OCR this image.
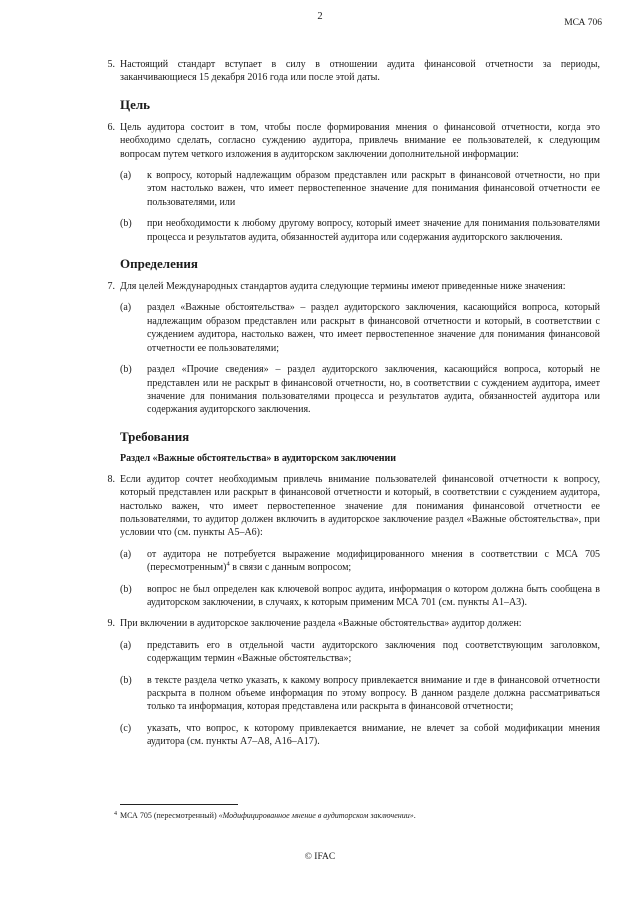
2
МСА 706
5. Настоящий стандарт вступает в силу в отношении аудита финансовой отчетности за периоды, заканчивающиеся 15 декабря 2016 года или после этой даты.
Цель
6. Цель аудитора состоит в том, чтобы после формирования мнения о финансовой отчетности, когда это необходимо сделать, согласно суждению аудитора, привлечь внимание ее пользователей, к следующим вопросам путем четкого изложения в аудиторском заключении дополнительной информации:
(a) к вопросу, который надлежащим образом представлен или раскрыт в финансовой отчетности, но при этом настолько важен, что имеет первостепенное значение для понимания финансовой отчетности ее пользователями, или
(b) при необходимости к любому другому вопросу, который имеет значение для понимания пользователями процесса и результатов аудита, обязанностей аудитора или содержания аудиторского заключения.
Определения
7. Для целей Международных стандартов аудита следующие термины имеют приведенные ниже значения:
(a) раздел «Важные обстоятельства» – раздел аудиторского заключения, касающийся вопроса, который надлежащим образом представлен или раскрыт в финансовой отчетности и который, в соответствии с суждением аудитора, настолько важен, что имеет первостепенное значение для понимания финансовой отчетности ее пользователями;
(b) раздел «Прочие сведения» – раздел аудиторского заключения, касающийся вопроса, который не представлен или не раскрыт в финансовой отчетности, но, в соответствии с суждением аудитора, имеет значение для понимания пользователями процесса и результатов аудита, обязанностей аудитора или содержания аудиторского заключения.
Требования
Раздел «Важные обстоятельства» в аудиторском заключении
8. Если аудитор сочтет необходимым привлечь внимание пользователей финансовой отчетности к вопросу, который представлен или раскрыт в финансовой отчетности и который, в соответствии с суждением аудитора, настолько важен, что имеет первостепенное значение для понимания финансовой отчетности ее пользователями, то аудитор должен включить в аудиторское заключение раздел «Важные обстоятельства», при условии что (см. пункты А5–А6):
(a) от аудитора не потребуется выражение модифицированного мнения в соответствии с МСА 705 (пересмотренным)$^4$ в связи с данным вопросом;
(b) вопрос не был определен как ключевой вопрос аудита, информация о котором должна быть сообщена в аудиторском заключении, в случаях, к которым применим МСА 701 (см. пункты А1–А3).
9. При включении в аудиторское заключение раздела «Важные обстоятельства» аудитор должен:
(a) представить его в отдельной части аудиторского заключения под соответствующим заголовком, содержащим термин «Важные обстоятельства»;
(b) в тексте раздела четко указать, к какому вопросу привлекается внимание и где в финансовой отчетности раскрыта в полном объеме информация по этому вопросу. В данном разделе должна рассматриваться только та информация, которая представлена или раскрыта в финансовой отчетности;
(c) указать, что вопрос, к которому привлекается внимание, не влечет за собой модификации мнения аудитора (см. пункты А7–А8, А16–А17).
4 МСА 705 (пересмотренный) «Модифицированное мнение в аудиторском заключении».
© IFAC
